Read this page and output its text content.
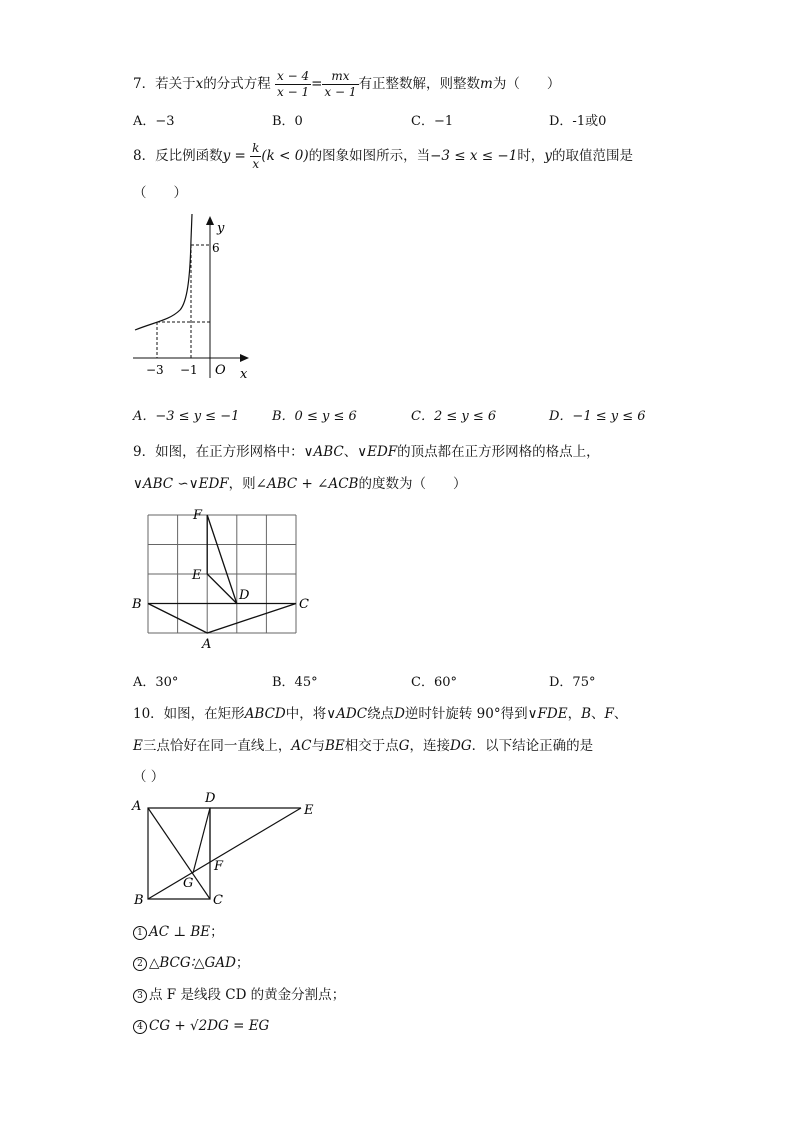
7．若关于x的分式方程 $\frac{x - 4}{x - 1} = \frac{mx}{x - 1}$ 有正整数解，则整数m为（　　）
A．−3	B．0	C．−1	D．-1或0
8．反比例函数$y = \frac{k}{x} (k < 0)$的图象如图所示，当−3 ≤ x ≤ −1时，y的取值范围是
（　　）
y
x
O
6
−3 −1
A．−3 ≤ y ≤ −1	B．0 ≤ y ≤ 6	C．2 ≤ y ≤ 6	D．−1 ≤ y ≤ 6
9．如图，在正方形网格中：∨ABC、∨EDF的顶点都在正方形网格的格点上，
∨ABC ∽∨EDF，则∠ABC + ∠ACB的度数为（　　）
F
E
D
B	C
A
A．30°	B．45°	C．60°	D．75°
10．如图，在矩形ABCD中，将∨ADC绕点D逆时针旋转 90°得到∨FDE，B、F、
E三点恰好在同一直线上，AC与BE相交于点G，连接DG．以下结论正确的是
（ ）
A
D
E
F
G
B	C
1 AC ⊥ BE；
2 △BCG∶△GAD；
3 点 F 是线段 CD 的黄金分割点；
4 CG + √2DG = EG
